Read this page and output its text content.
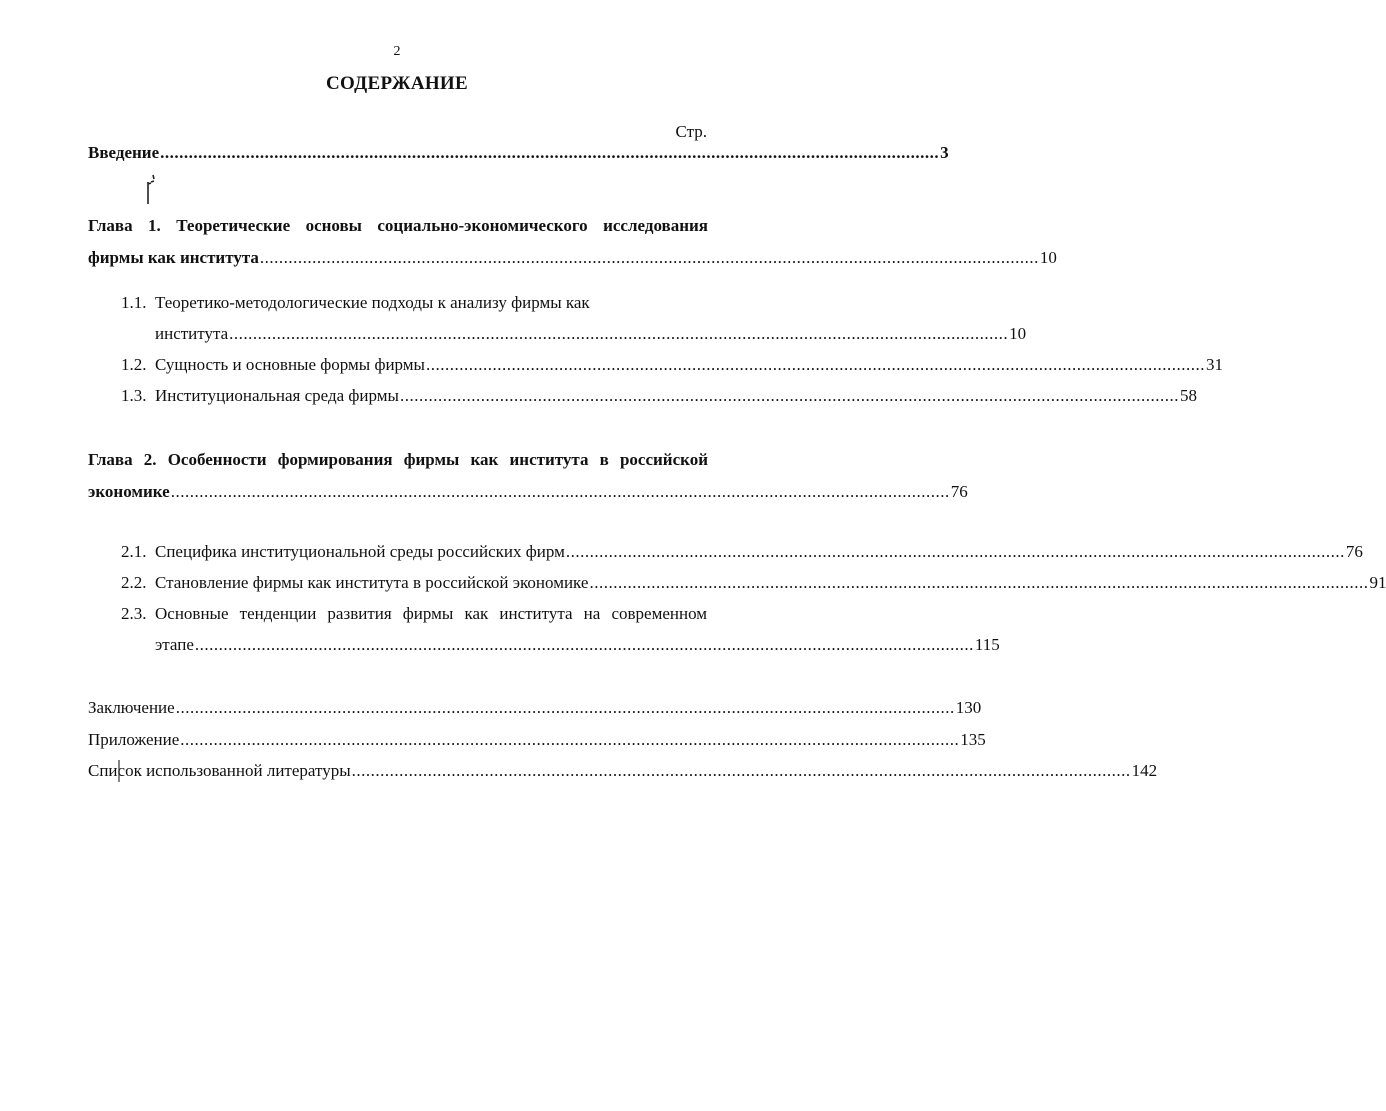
2
СОДЕРЖАНИЕ
Стр.
Введение .................................................................................................................................................................... 3
Глава 1. Теоретические основы социально-экономического исследования
фирмы как института .................................................................................................................................................................... 10
1.1. Теоретико-методологические подходы к анализу фирмы как
института .................................................................................................................................................................... 10
1.2. Сущность и основные формы фирмы .................................................................................................................................................................... 31
1.3. Институциональная среда фирмы .................................................................................................................................................................... 58
Глава 2. Особенности формирования фирмы как института в российской
экономике .................................................................................................................................................................... 76
2.1. Специфика институциональной среды российских фирм .................................................................................................................................................................... 76
2.2. Становление фирмы как института в российской экономике .................................................................................................................................................................... 91
2.3. Основные тенденции развития фирмы как института на современном
этапе .................................................................................................................................................................... 115
Заключение .................................................................................................................................................................... 130
Приложение .................................................................................................................................................................... 135
Список использованной литературы .................................................................................................................................................................... 142
